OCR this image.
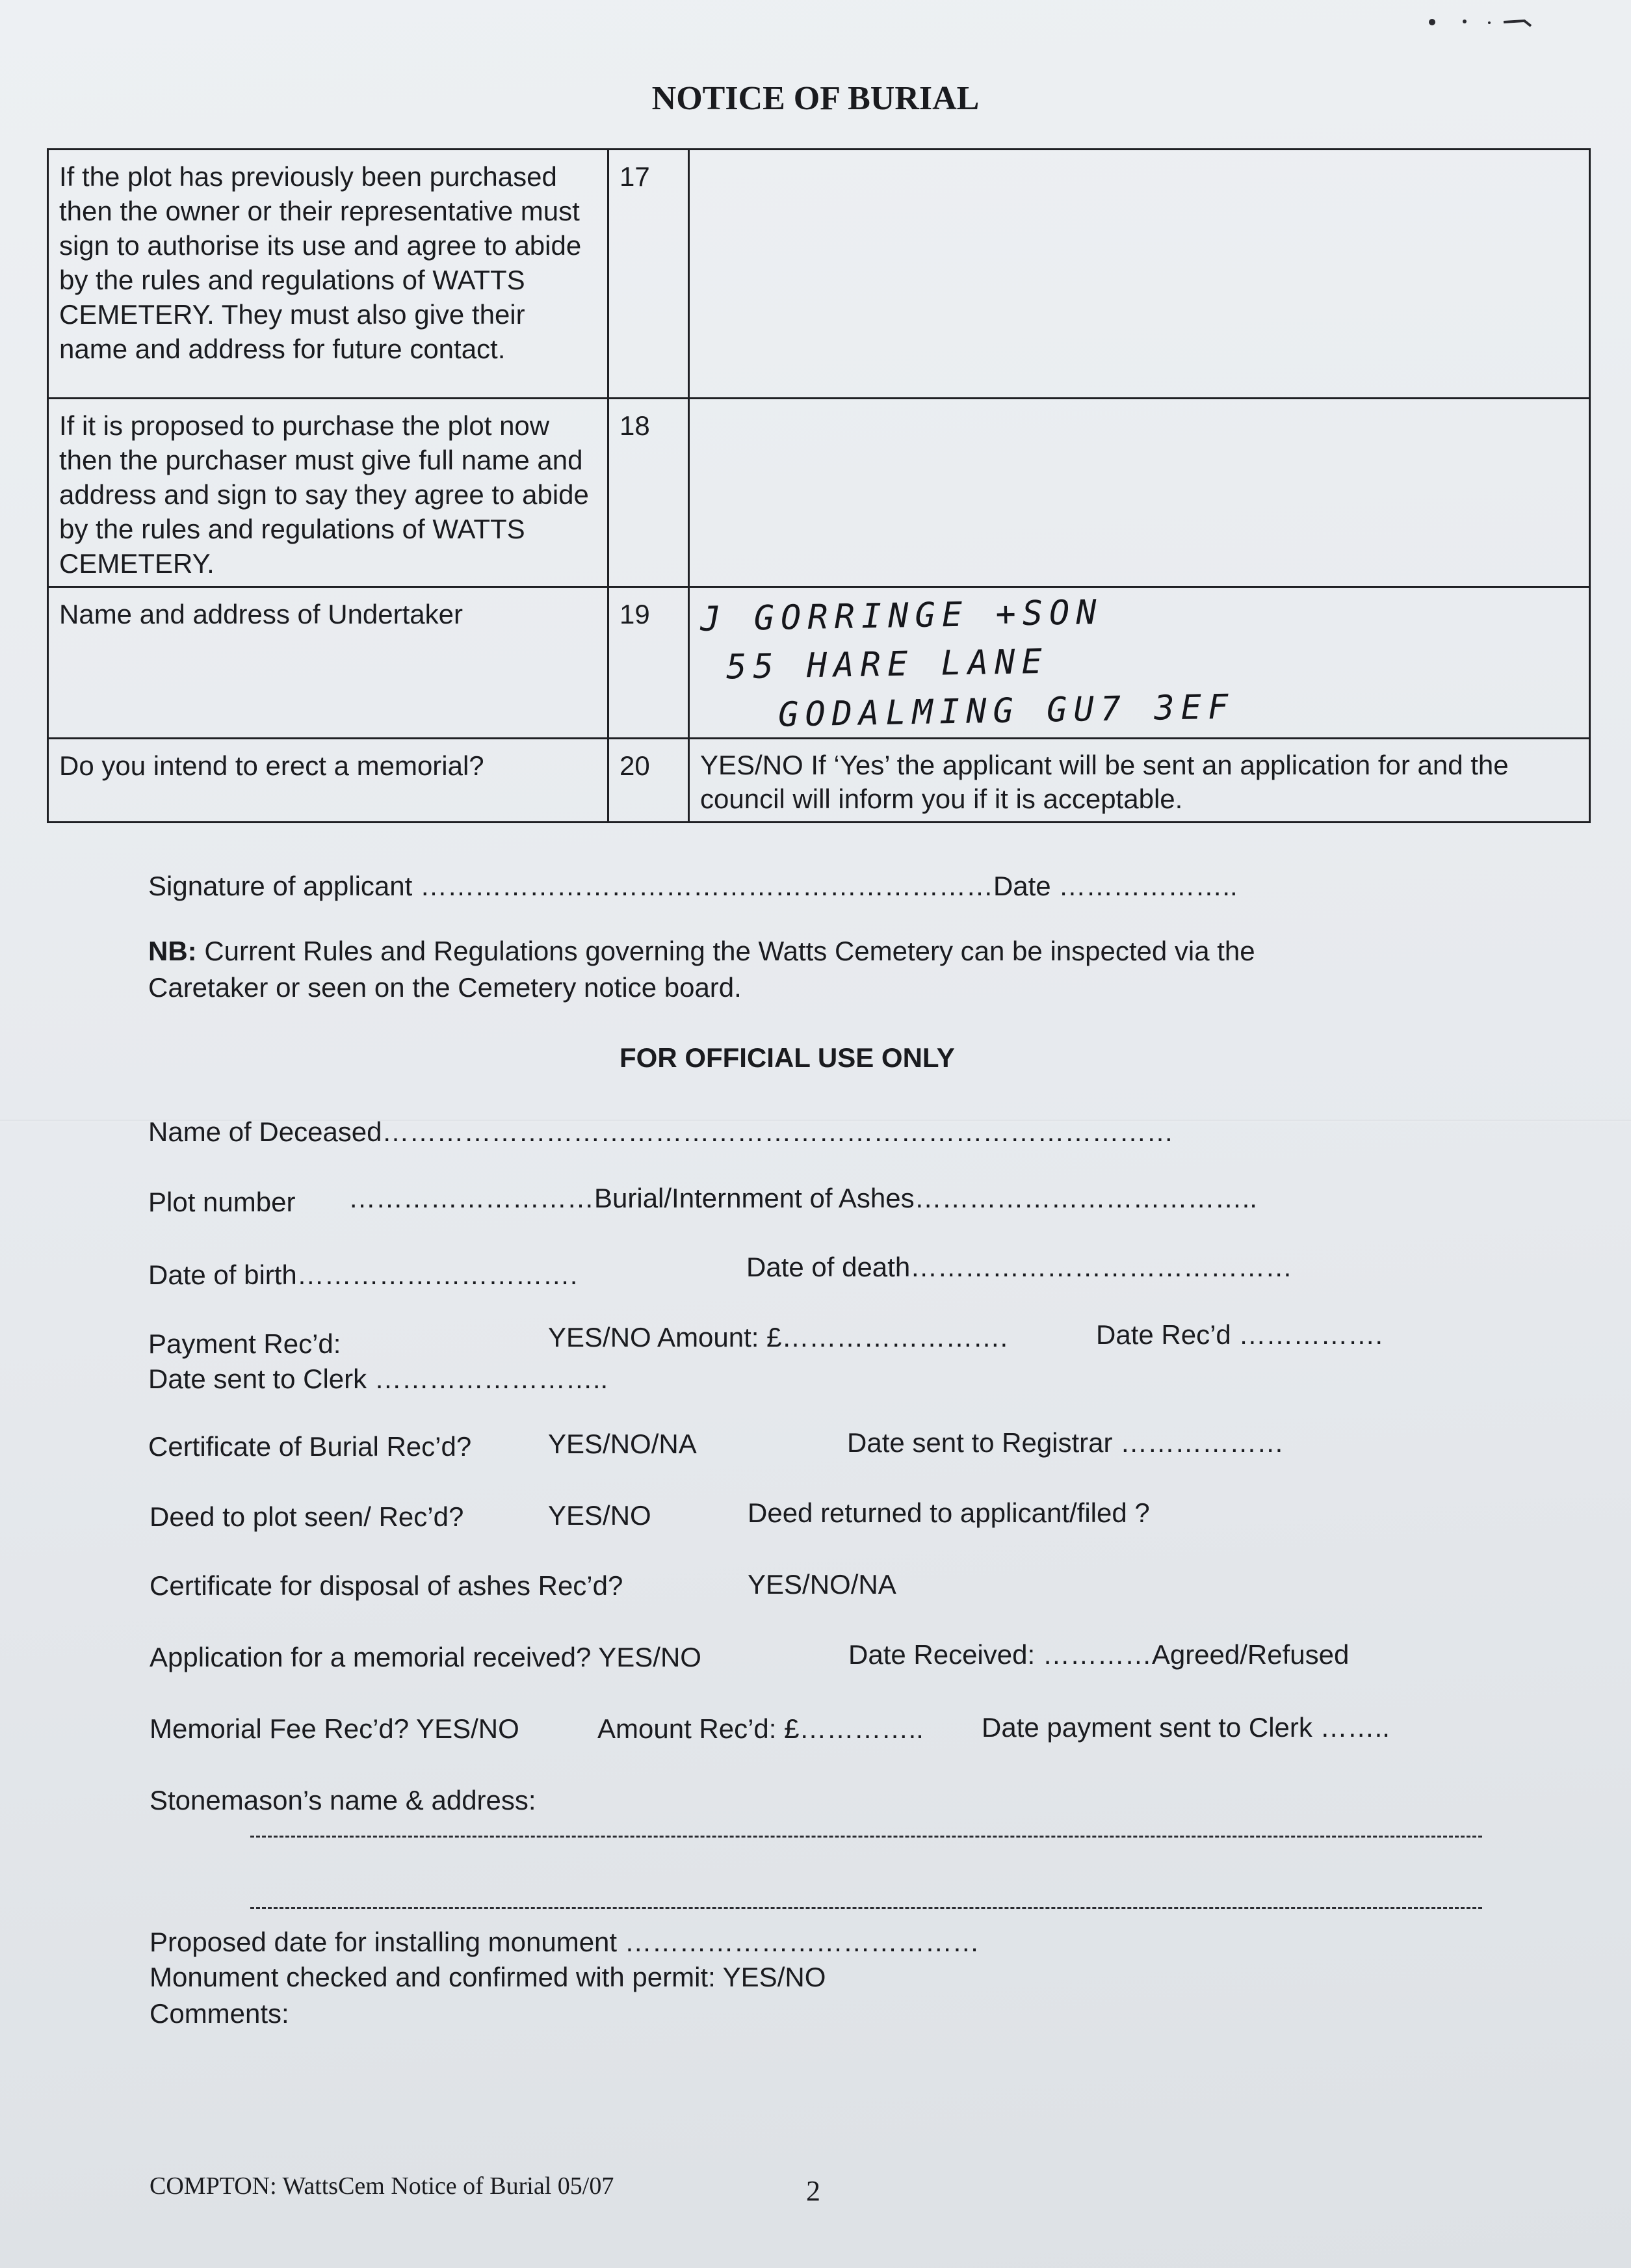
NOTICE OF BURIAL
If the plot has previously been purchased then the owner or their representative must sign to authorise its use and agree to abide by the rules and regulations of WATTS CEMETERY. They must also give their name and address for future contact.	17	
If it is proposed to purchase the plot now then the purchaser must give full name and address and sign to say they agree to abide by the rules and regulations of WATTS CEMETERY.	18	
Name and address of Undertaker	19	J GORRINGE +SON
55 HARE LANE
GODALMING GU7 3EF

Do you intend to erect a memorial?	20	YES/NO If ‘Yes’ the applicant will be sent an application for and the council will inform you if it is acceptable.
Signature of applicant ………………………………………………………Date ………………..
NB: Current Rules and Regulations governing the Watts Cemetery can be inspected via the
Caretaker or seen on the Cemetery notice board.
FOR OFFICIAL USE ONLY
Name of Deceased……………………………………………………………………………
Plot number ………………………Burial/Internment of Ashes………………………………..
Date of birth………………………….	Date of death……………………………………
Payment Rec’d:	YES/NO Amount: £…………………….	Date Rec’d …………….
Date sent to Clerk ……………………..
Certificate of Burial Rec’d?	YES/NO/NA	Date sent to Registrar ………………
Deed to plot seen/ Rec’d?	YES/NO	Deed returned to applicant/filed ?
Certificate for disposal of ashes Rec’d?	YES/NO/NA
Application for a memorial received? YES/NO	Date Received: …………Agreed/Refused
Memorial Fee Rec’d? YES/NO	Amount Rec’d: £………….. Date payment sent to Clerk ……..
Stonemason’s name & address:
Proposed date for installing monument …………………………………
Monument checked and confirmed with permit: YES/NO
Comments:
COMPTON: WattsCem Notice of Burial 05/07	2
